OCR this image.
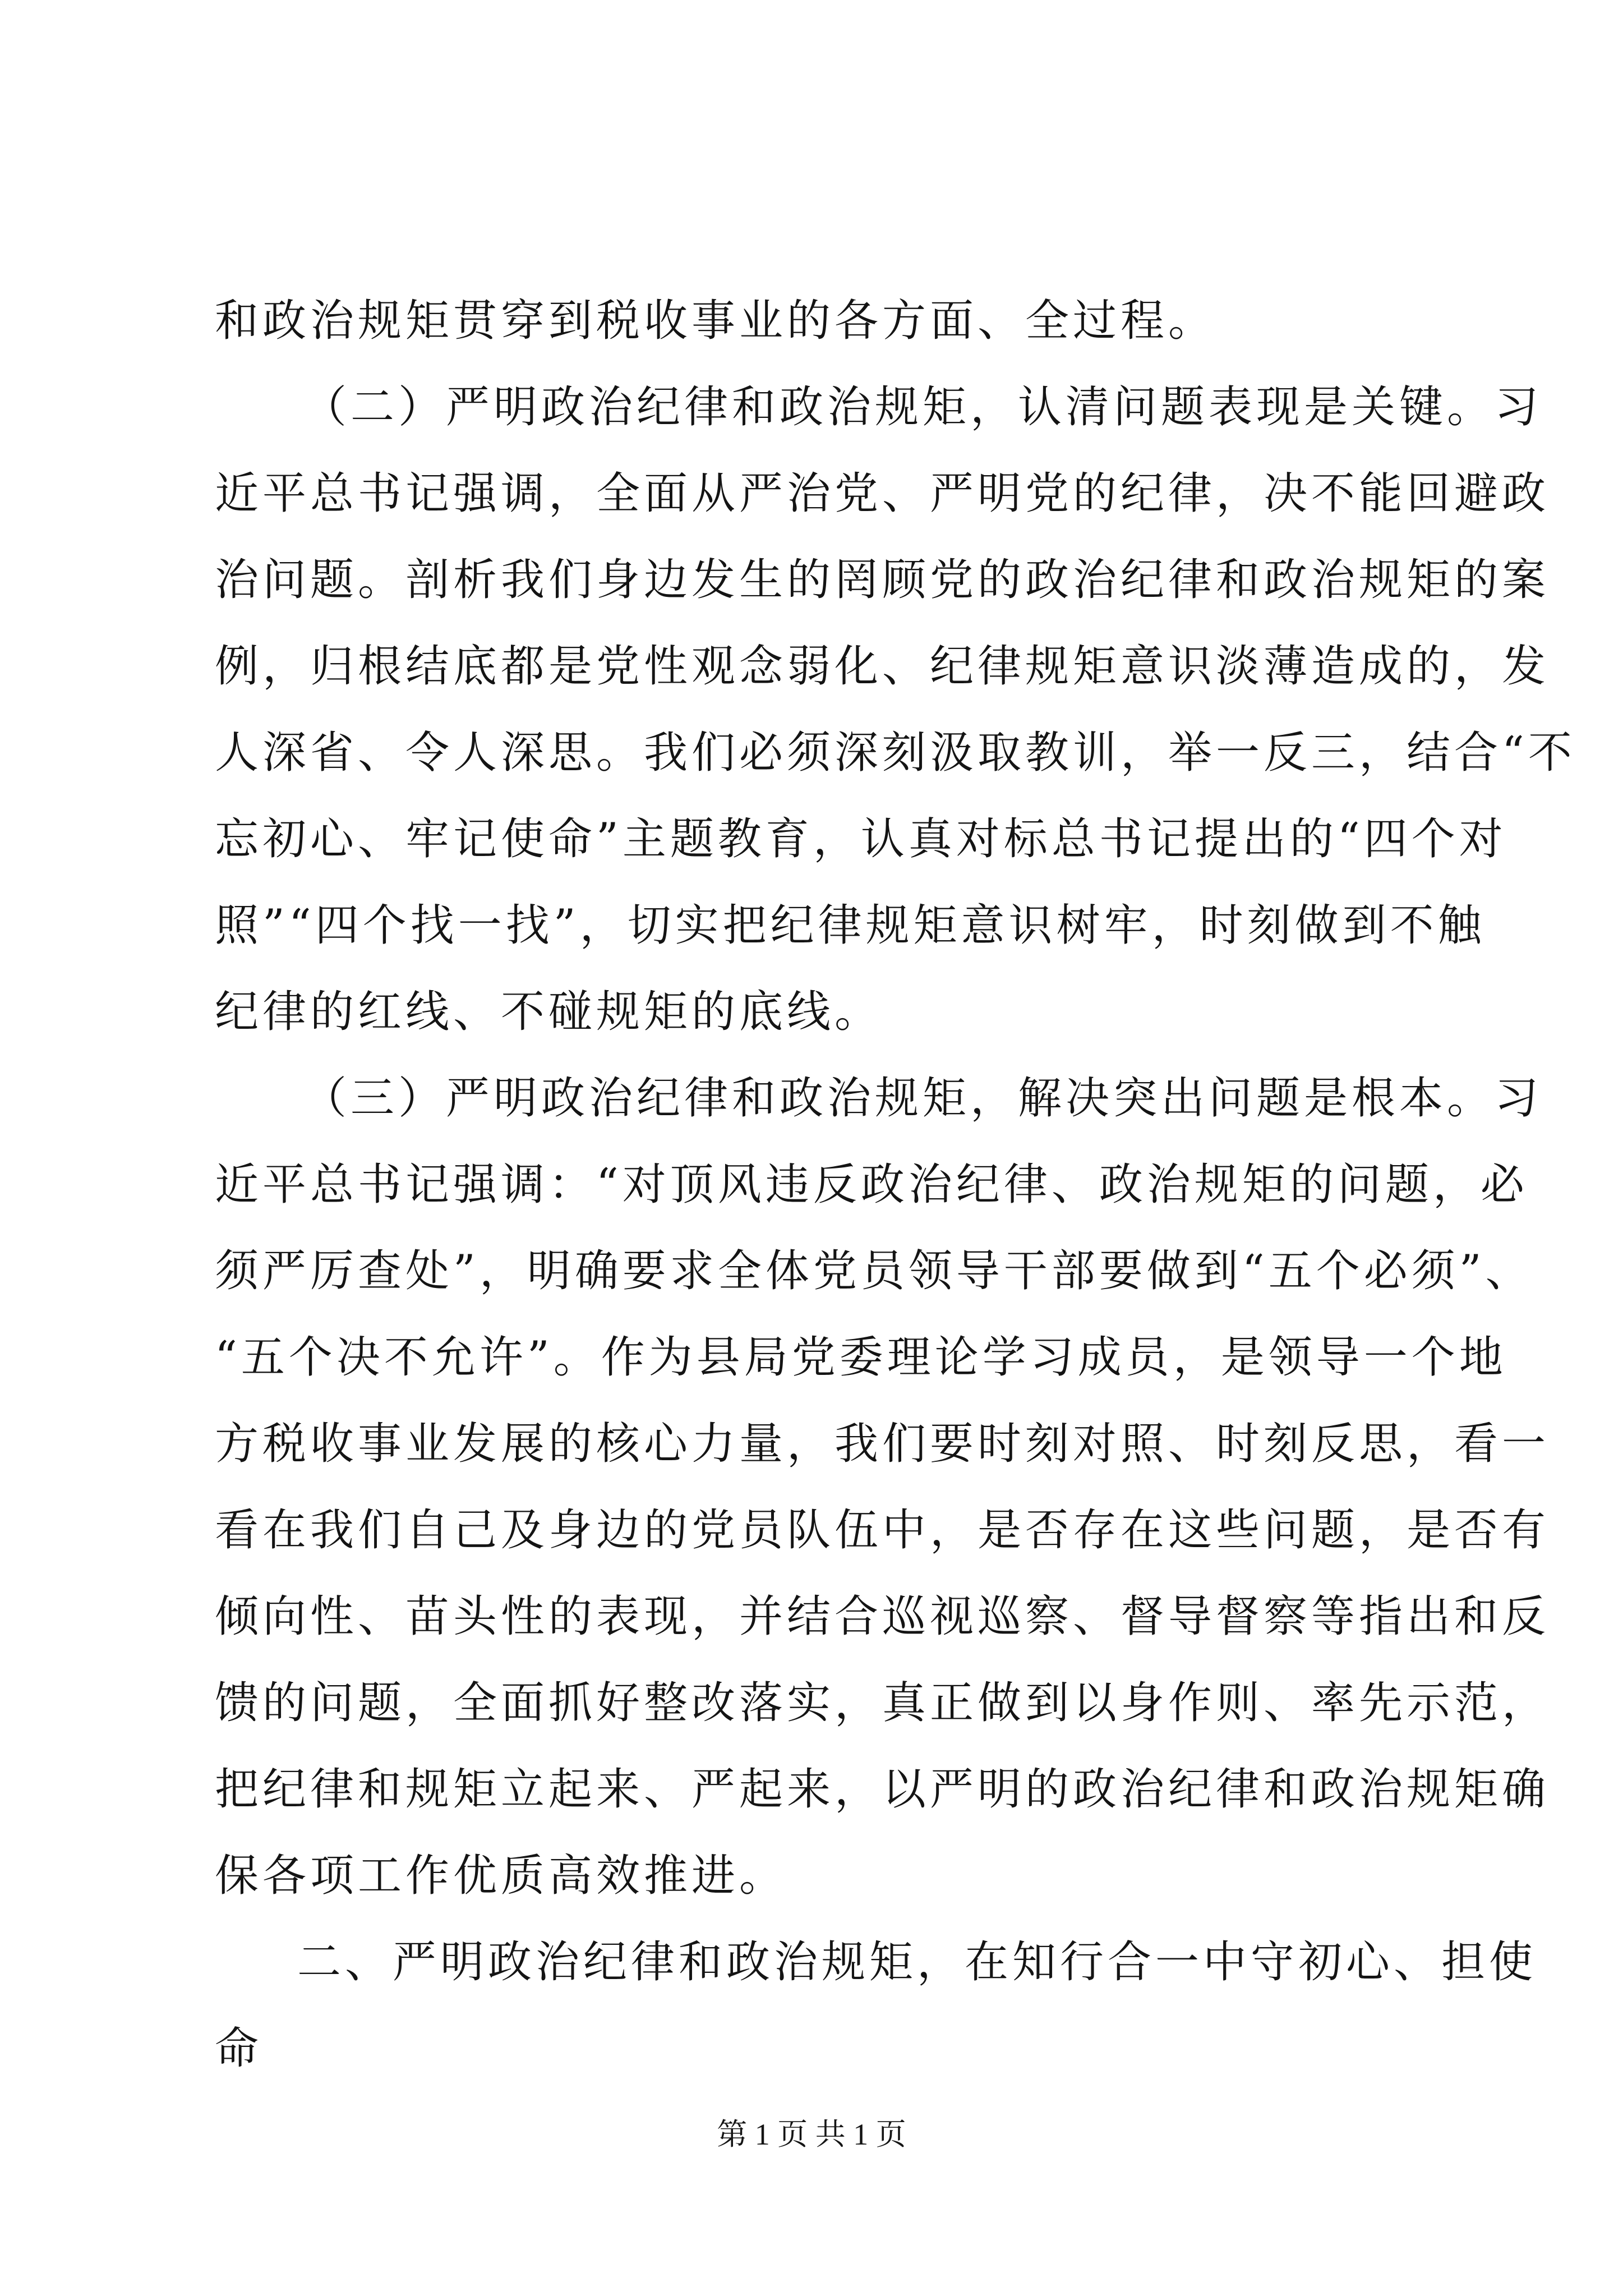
和政治规矩贯穿到税收事业的各方面、全过程。
（二）严明政治纪律和政治规矩，认清问题表现是关键。习
近平总书记强调，全面从严治党、严明党的纪律，决不能回避政
治问题。剖析我们身边发生的罔顾党的政治纪律和政治规矩的案
例，归根结底都是党性观念弱化、纪律规矩意识淡薄造成的，发
人深省、令人深思。我们必须深刻汲取教训，举一反三，结合“不
忘初心、牢记使命”主题教育，认真对标总书记提出的“四个对
照”“四个找一找”，切实把纪律规矩意识树牢，时刻做到不触
纪律的红线、不碰规矩的底线。
（三）严明政治纪律和政治规矩，解决突出问题是根本。习
近平总书记强调：“对顶风违反政治纪律、政治规矩的问题，必
须严厉查处”，明确要求全体党员领导干部要做到“五个必须”、
“五个决不允许”。作为县局党委理论学习成员，是领导一个地
方税收事业发展的核心力量，我们要时刻对照、时刻反思，看一
看在我们自己及身边的党员队伍中，是否存在这些问题，是否有
倾向性、苗头性的表现，并结合巡视巡察、督导督察等指出和反
馈的问题，全面抓好整改落实，真正做到以身作则、率先示范，
把纪律和规矩立起来、严起来，以严明的政治纪律和政治规矩确
保各项工作优质高效推进。
二、严明政治纪律和政治规矩，在知行合一中守初心、担使
命
第 1 页 共 1 页
